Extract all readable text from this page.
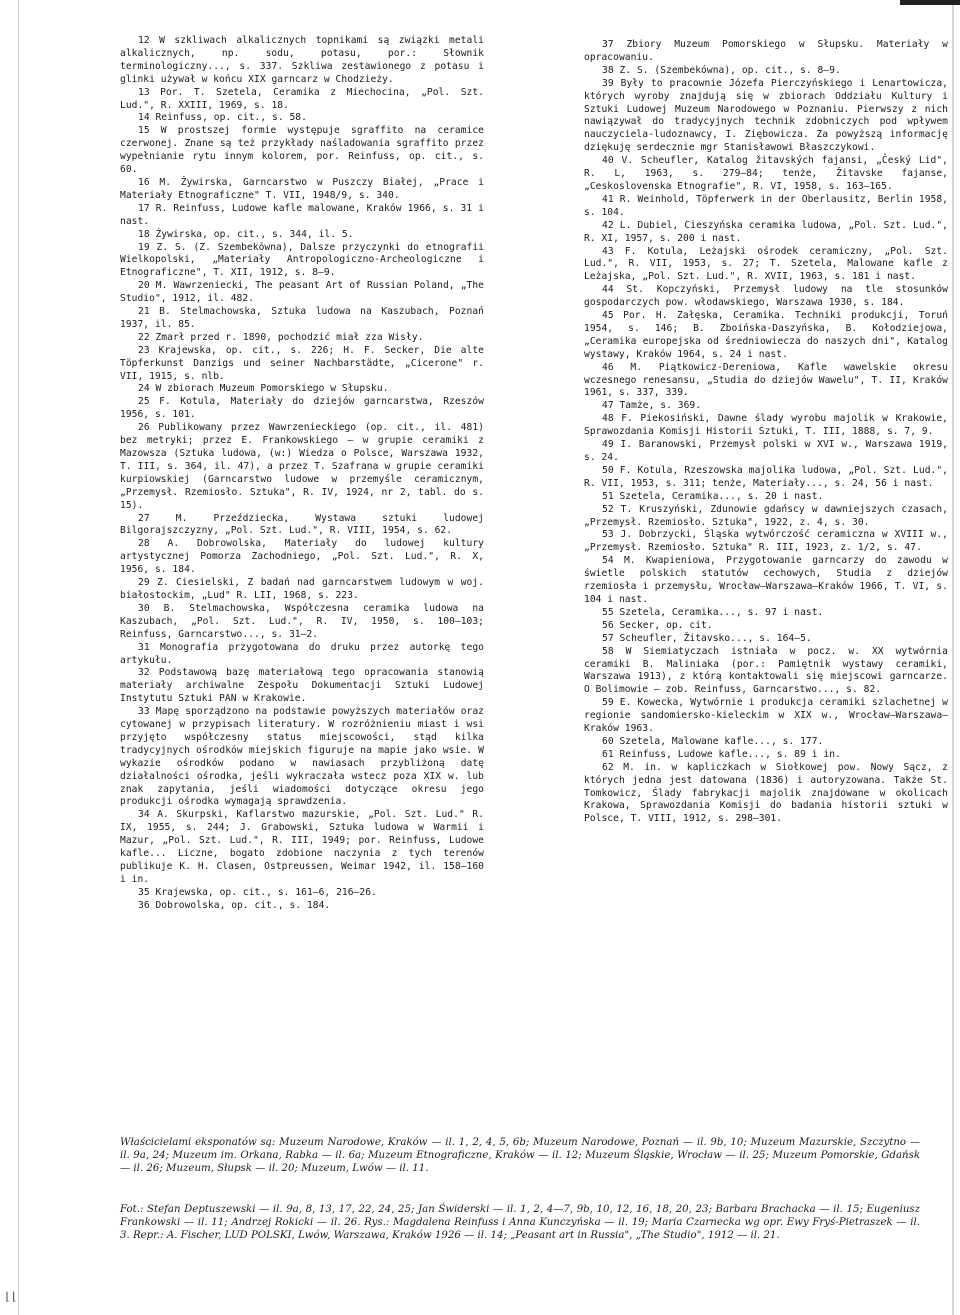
12 W szkliwach alkalicznych topnikami są związki metali alkalicznych, np. sodu, potasu, por.: Słownik terminologiczny..., s. 337. Szkliwa zestawionego z potasu i glinki używał w końcu XIX garncarz w Chodzieży.

13 Por. T. Szetela, Ceramika z Miechocina, „Pol. Szt. Lud.", R. XXIII, 1969, s. 18.

14 Reinfuss, op. cit., s. 58.

15 W prostszej formie występuje sgraffito na ceramice czerwonej. Znane są też przykłady naśladowania sgraffito przez wypełnianie rytu innym kolorem, por. Reinfuss, op. cit., s. 60.

16 M. Żywirska, Garncarstwo w Puszczy Białej, „Prace i Materiały Etnograficzne" T. VII, 1948/9, s. 340.

17 R. Reinfuss, Ludowe kafle malowane, Kraków 1966, s. 31 i nast.

18 Żywirska, op. cit., s. 344, il. 5.

19 Z. S. (Z. Szembekówna), Dalsze przyczynki do etnografii Wielkopolski, „Materiały Antropologiczno-Archeologiczne i Etnograficzne", T. XII, 1912, s. 8—9.

20 M. Wawrzeniecki, The peasant Art of Russian Poland, „The Studio", 1912, il. 482.

21 B. Stelmachowska, Sztuka ludowa na Kaszubach, Poznań 1937, il. 85.

22 Zmarł przed r. 1890, pochodzić miał zza Wisły.

23 Krajewska, op. cit., s. 226; H. F. Secker, Die alte Töpferkunst Danzigs und seiner Nachbarstädte, „Cicerone" r. VII, 1915, s. nlb.

24 W zbiorach Muzeum Pomorskiego w Słupsku.

25 F. Kotula, Materiały do dziejów garncarstwa, Rzeszów 1956, s. 101.

26 Publikowany przez Wawrzenieckiego (op. cit., il. 481) bez metryki; przez E. Frankowskiego — w grupie ceramiki z Mazowsza (Sztuka ludowa, (w:) Wiedza o Polsce, Warszawa 1932, T. III, s. 364, il. 47), a przez T. Szafrana w grupie ceramiki kurpiowskiej (Garncarstwo ludowe w przemyśle ceramicznym, „Przemysł. Rzemiosło. Sztuka", R. IV, 1924, nr 2, tabl. do s. 15).

27 M. Przeździecka, Wystawa sztuki ludowej Bilgorajszczyzny, „Pol. Szt. Lud.", R. VIII, 1954, s. 62.

28 A. Dobrowolska, Materiały do ludowej kultury artystycznej Pomorza Zachodniego, „Pol. Szt. Lud.", R. X, 1956, s. 184.

29 Z. Ciesielski, Z badań nad garncarstwem ludowym w woj. białostockim, „Lud" R. LII, 1968, s. 223.

30 B. Stelmachowska, Współczesna ceramika ludowa na Kaszubach, „Pol. Szt. Lud.", R. IV, 1950, s. 100—103; Reinfuss, Garncarstwo..., s. 31—2.

31 Monografia przygotowana do druku przez autorkę tego artykułu.

32 Podstawową bazę materiałową tego opracowania stanowią materiały archiwalne Zespołu Dokumentacji Sztuki Ludowej Instytutu Sztuki PAN w Krakowie.

33 Mapę sporządzono na podstawie powyższych materiałów oraz cytowanej w przypisach literatury. W rozróżnieniu miast i wsi przyjęto współczesny status miejscowości, stąd kilka tradycyjnych ośrodków miejskich figuruje na mapie jako wsie. W wykazie ośrodków podano w nawiasach przybliżoną datę działalności ośrodka, jeśli wykraczała wstecz poza XIX w. lub znak zapytania, jeśli wiadomości dotyczące okresu jego produkcji ośrodka wymagają sprawdzenia.

34 A. Skurpski, Kaflarstwo mazurskie, „Pol. Szt. Lud." R. IX, 1955, s. 244; J. Grabowski, Sztuka ludowa w Warmii i Mazur, „Pol. Szt. Lud.", R. III, 1949; por. Reinfuss, Ludowe kafle... Liczne, bogato zdobione naczynia z tych terenów publikuje K. H. Clasen, Ostpreussen, Weimar 1942, il. 158—160 i in.

35 Krajewska, op. cit., s. 161—6, 216—26.

36 Dobrowolska, op. cit., s. 184.

37 Zbiory Muzeum Pomorskiego w Słupsku. Materiały w opracowaniu.

38 Z. S. (Szembekówna), op. cit., s. 8—9.

39 Były to pracownie Józefa Pierczyńskiego i Lenartowicza, których wyroby znajdują się w zbiorach Oddziału Kultury i Sztuki Ludowej Muzeum Narodowego w Poznaniu. Pierwszy z nich nawiązywał do tradycyjnych technik zdobniczych pod wpływem nauczyciela-ludoznawcy, I. Ziębowicza. Za powyższą informację dziękuję serdecznie mgr Stanisławowi Błaszczykowi.

40 V. Scheufler, Katalog žitavských fajansi, „Český Lid", R. L, 1963, s. 279—84; tenże, Žitavske fajanse, „Ceskoslovenska Etnografie", R. VI, 1958, s. 163—165.

41 R. Weinhold, Töpferwerk in der Oberlausitz, Berlin 1958, s. 104.

42 L. Dubiel, Cieszyńska ceramika ludowa, „Pol. Szt. Lud.", R. XI, 1957, s. 200 i nast.

43 F. Kotula, Leżajski ośrodek ceramiczny, „Pol. Szt. Lud.", R. VII, 1953, s. 27; T. Szetela, Malowane kafle z Leżajska, „Pol. Szt. Lud.", R. XVII, 1963, s. 181 i nast.

44 St. Kopczyński, Przemysł ludowy na tle stosunków gospodarczych pow. włodawskiego, Warszawa 1930, s. 184.

45 Por. H. Załęska, Ceramika. Techniki produkcji, Toruń 1954, s. 146; B. Zboińska-Daszyńska, B. Kołodziejowa, „Ceramika europejska od średniowiecza do naszych dni", Katalog wystawy, Kraków 1964, s. 24 i nast.

46 M. Piątkowicz-Dereniowa, Kafle wawelskie okresu wczesnego renesansu, „Studia do dziejów Wawelu", T. II, Kraków 1961, s. 337, 339.

47 Tamże, s. 369.

48 F. Piekosiński, Dawne ślady wyrobu majolik w Krakowie, Sprawozdania Komisji Historii Sztuki, T. III, 1888, s. 7, 9.

49 I. Baranowski, Przemysł polski w XVI w., Warszawa 1919, s. 24.

50 F. Kotula, Rzeszowska majolika ludowa, „Pol. Szt. Lud.", R. VII, 1953, s. 311; tenże, Materiały..., s. 24, 56 i nast.

51 Szetela, Ceramika..., s. 20 i nast.

52 T. Kruszyński, Zdunowie gdańscy w dawniejszych czasach, „Przemysł. Rzemiosło. Sztuka", 1922, z. 4, s. 30.

53 J. Dobrzycki, Śląska wytwórczość ceramiczna w XVIII w., „Przemysł. Rzemiosło. Sztuka" R. III, 1923, z. 1/2, s. 47.

54 M. Kwapieniowa, Przygotowanie garncarzy do zawodu w świetle polskich statutów cechowych, Studia z dziejów rzemiosła i przemysłu, Wrocław—Warszawa—Kraków 1966, T. VI, s. 104 i nast.

55 Szetela, Ceramika..., s. 97 i nast.

56 Secker, op. cit.

57 Scheufler, Žitavsko..., s. 164—5.

58 W Siemiatyczach istniała w pocz. w. XX wytwórnia ceramiki B. Maliniaka (por.: Pamiętnik wystawy ceramiki, Warszawa 1913), z którą kontaktowali się miejscowi garncarze. O Bolimowie — zob. Reinfuss, Garncarstwo..., s. 82.

59 E. Kowecka, Wytwórnie i produkcja ceramiki szlachetnej w regionie sandomiersko-kieleckim w XIX w., Wrocław—Warszawa—Kraków 1963.

60 Szetela, Malowane kafle..., s. 177.

61 Reinfuss, Ludowe kafle..., s. 89 i in.

62 M. in. w kapliczkach w Siołkowej pow. Nowy Sącz, z których jedna jest datowana (1836) i autoryzowana. Także St. Tomkowicz, Ślady fabrykacji majolik znajdowane w okolicach Krakowa, Sprawozdania Komisji do badania historii sztuki w Polsce, T. VIII, 1912, s. 298—301.

Właścicielami eksponatów są: Muzeum Narodowe, Kraków — il. 1, 2, 4, 5, 6b; Muzeum Narodowe, Poznań — il. 9b, 10; Muzeum Mazurskie, Szczytno — il. 9a, 24; Muzeum im. Orkana, Rabka — il. 6a; Muzeum Etnograficzne, Kraków — il. 12; Muzeum Śląskie, Wrocław — il. 25; Muzeum Pomorskie, Gdańsk — il. 26; Muzeum, Słupsk — il. 20; Muzeum, Lwów — il. 11.

Fot.: Stefan Deptuszewski — il. 9a, 8, 13, 17, 22, 24, 25; Jan Świderski — il. 1, 2, 4—7, 9b, 10, 12, 16, 18, 20, 23; Barbara Brachacka — il. 15; Eugeniusz Frankowski — il. 11; Andrzej Rokicki — il. 26. Rys.: Magdalena Reinfuss i Anna Kunczyńska — il. 19; Maria Czarnecka wg opr. Ewy Fryś-Pietraszek — il. 3. Repr.: A. Fischer, LUD POLSKI, Lwów, Warszawa, Kraków 1926 — il. 14; „Peasant art in Russia", „The Studio", 1912 — il. 21.

⌊⌊
